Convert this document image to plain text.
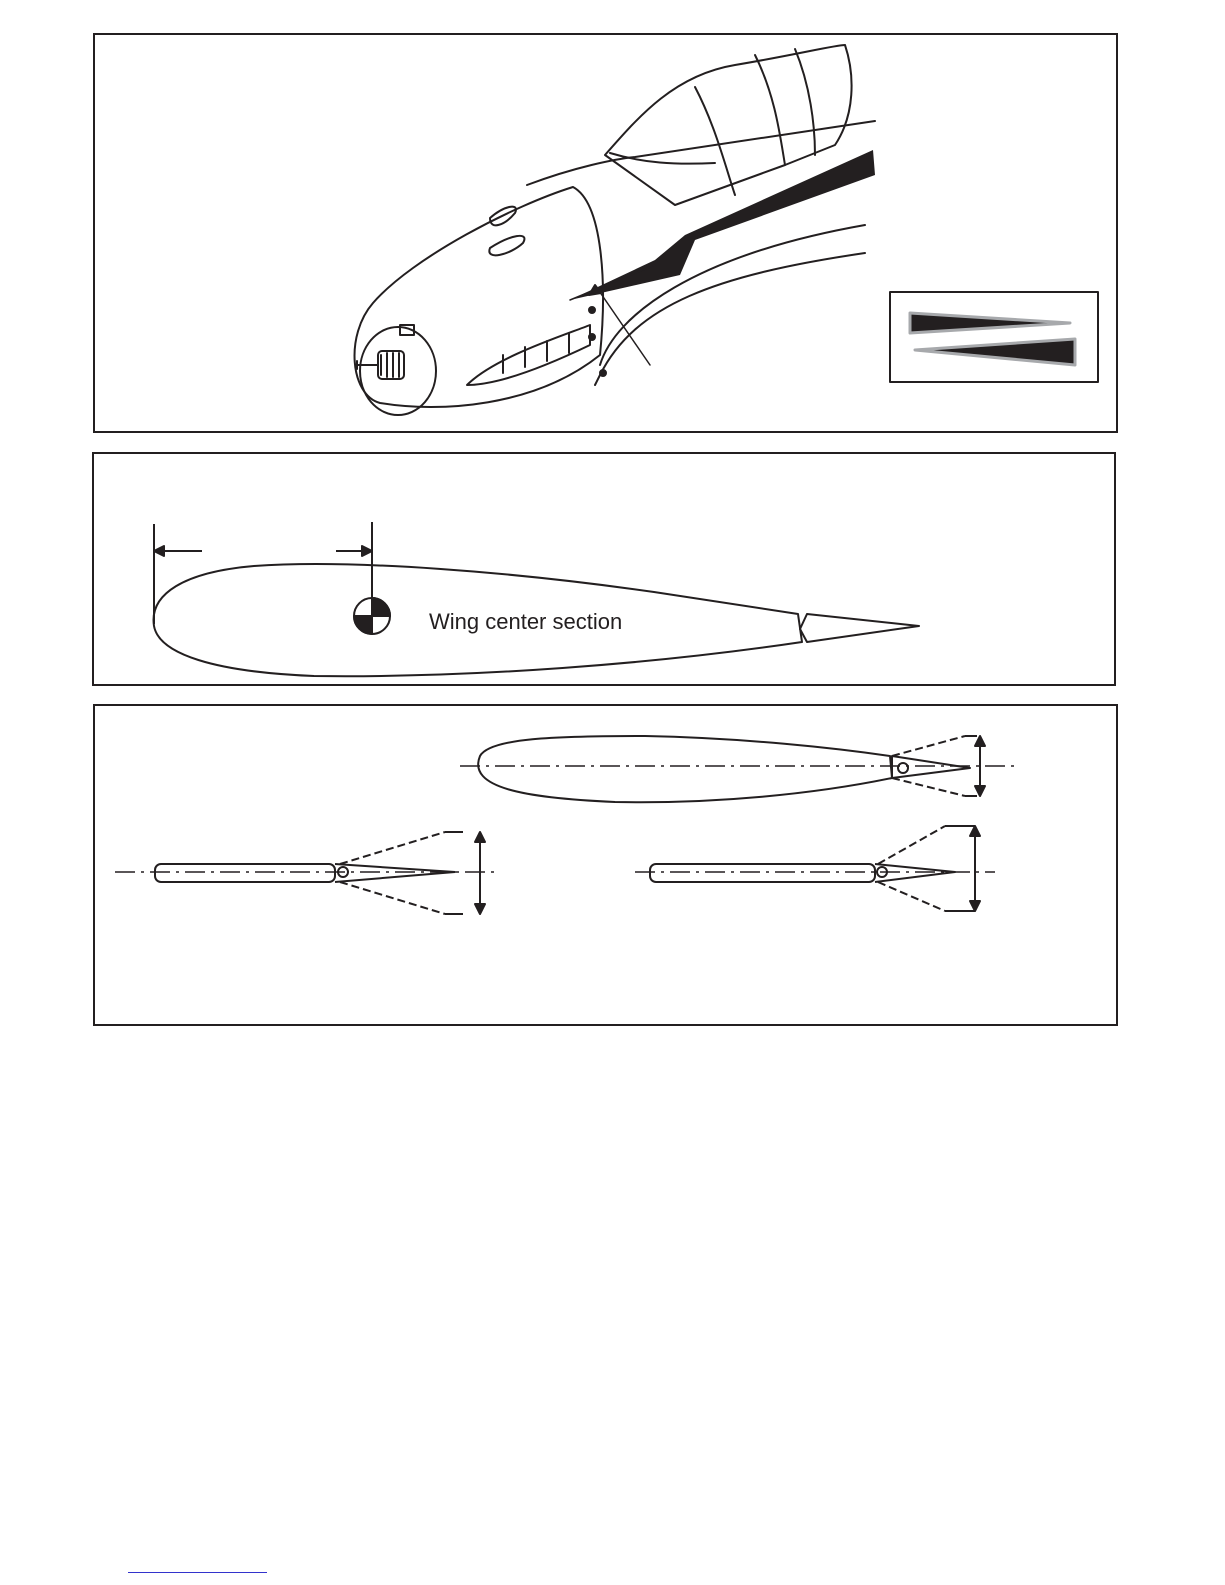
Wing center section
